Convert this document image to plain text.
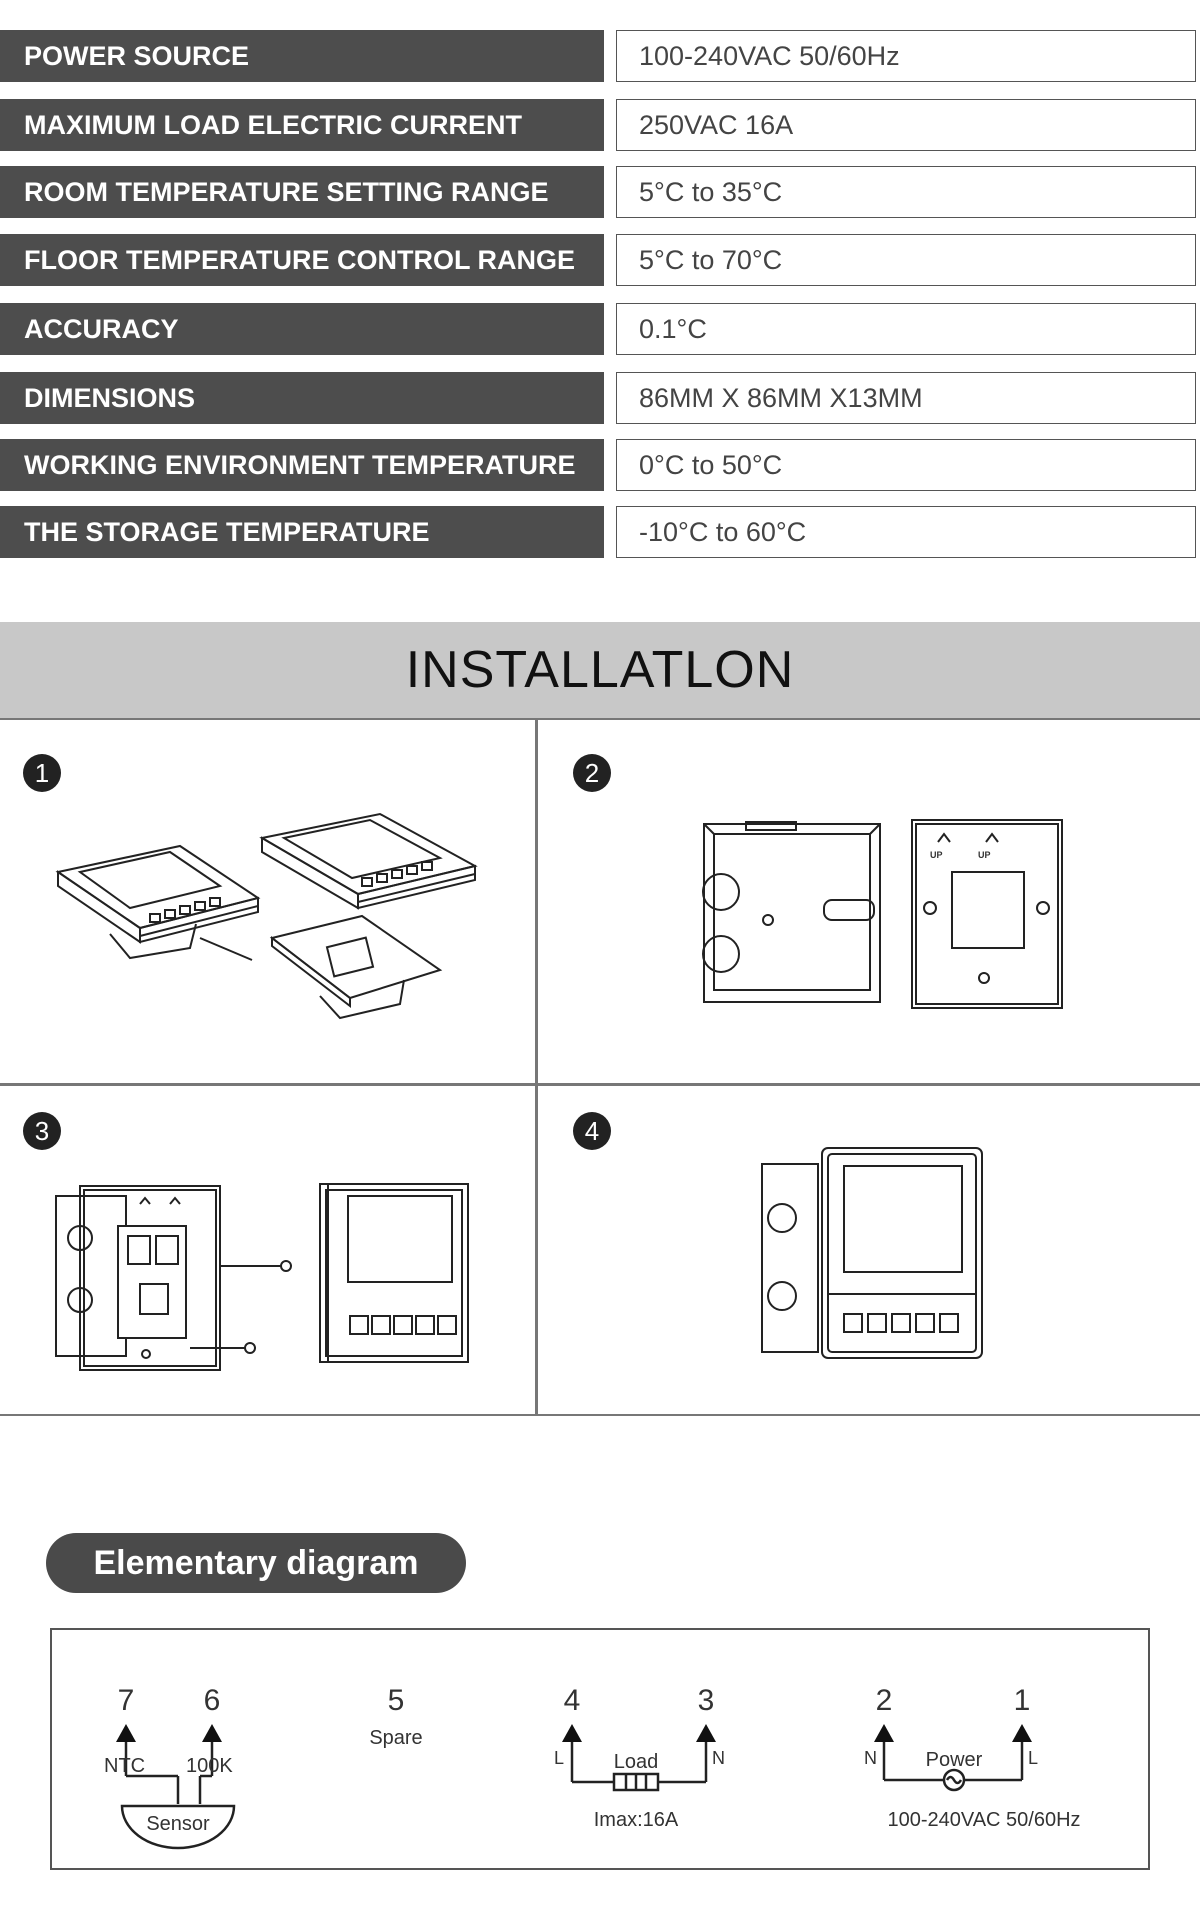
POWER SOURCE	100-240VAC 50/60Hz
MAXIMUM LOAD ELECTRIC CURRENT	250VAC 16A
ROOM TEMPERATURE SETTING RANGE	5°C to 35°C
FLOOR TEMPERATURE CONTROL RANGE	5°C to 70°C
ACCURACY	0.1°C
DIMENSIONS	86MM X 86MM X13MM
WORKING ENVIRONMENT TEMPERATURE	0°C to 50°C
THE STORAGE TEMPERATURE	-10°C to 60°C
INSTALLATLON
1	2
UP	UP
3	4
Elementary diagram
7 6
NTC 100K
Sensor
5
Spare
4	3
L	N
Load
Imax:16A
2	1
N	L
Power
100-240VAC 50/60Hz
